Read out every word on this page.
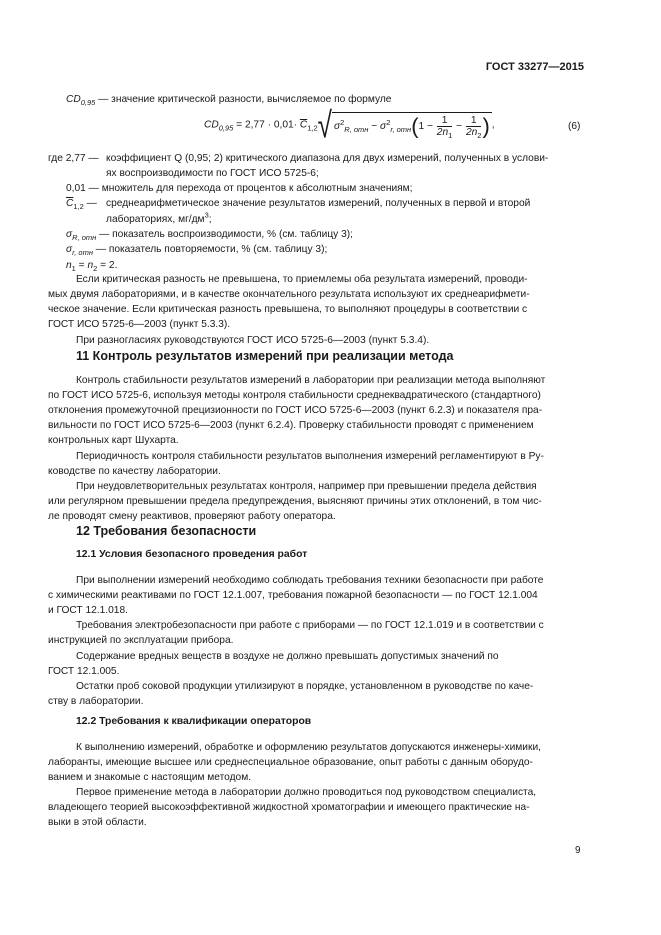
ГОСТ 33277—2015
$CD_{0,95}$ — значение критической разности, вычисляемое по формуле
$CD_{0,95} = 2,77 \cdot 0,01\cdot \overline{C}_{1,2}√$ $\sigma^2_{R, отн} - \sigma^2_{r, отн}(1 - \frac{1}{2n_1} - \frac{1}{2n_2}$ ) ,	(6)
где 2,77 — коэффициент Q (0,95; 2) критического диапазона для двух измерений, полученных в услови-
ях воспроизводимости по ГОСТ ИСО 5725-6;
0,01 — множитель для перехода от процентов к абсолютным значениям;
$\overline{C}_{1,2}$ — среднеарифметическое значение результатов измерений, полученных в первой и второй
лабораториях, $мг/дм^3$;
$\sigma_{R, отн}$ — показатель воспроизводимости, % (см. таблицу 3);
$\sigma_{r, отн}$ — показатель повторяемости, % (см. таблицу 3);
$n_1 = n_2 = 2$.
Если критическая разность не превышена, то приемлемы оба результата измерений, проводи-
мых двумя лабораториями, и в качестве окончательного результата используют их среднеарифмети-
ческое значение. Если критическая разность превышена, то выполняют процедуры в соответствии с
ГОСТ ИСО 5725-6—2003 (пункт 5.3.3).
При разногласиях руководствуются ГОСТ ИСО 5725-6—2003 (пункт 5.3.4).
11 Контроль результатов измерений при реализации метода
Контроль стабильности результатов измерений в лаборатории при реализации метода выполняют
по ГОСТ ИСО 5725-6, используя методы контроля стабильности среднеквадратического (стандартного)
отклонения промежуточной прецизионности по ГОСТ ИСО 5725-6—2003 (пункт 6.2.3) и показателя пра-
вильности по ГОСТ ИСО 5725-6—2003 (пункт 6.2.4). Проверку стабильности проводят с применением
контрольных карт Шухарта.
Периодичность контроля стабильности результатов выполнения измерений регламентируют в Ру-
ководстве по качеству лаборатории.
При неудовлетворительных результатах контроля, например при превышении предела действия
или регулярном превышении предела предупреждения, выясняют причины этих отклонений, в том чис-
ле проводят смену реактивов, проверяют работу оператора.
12 Требования безопасности
12.1 Условия безопасного проведения работ
При выполнении измерений необходимо соблюдать требования техники безопасности при работе
с химическими реактивами по ГОСТ 12.1.007, требования пожарной безопасности — по ГОСТ 12.1.004
и ГОСТ 12.1.018.
Требования электробезопасности при работе с приборами — по ГОСТ 12.1.019 и в соответствии с
инструкцией по эксплуатации прибора.
Содержание вредных веществ в воздухе не должно превышать допустимых значений по
ГОСТ 12.1.005.
Остатки проб соковой продукции утилизируют в порядке, установленном в руководстве по каче-
ству в лаборатории.
12.2 Требования к квалификации операторов
К выполнению измерений, обработке и оформлению результатов допускаются инженеры-химики,
лаборанты, имеющие высшее или среднеспециальное образование, опыт работы с данным оборудо-
ванием и знакомые с настоящим методом.
Первое применение метода в лаборатории должно проводиться под руководством специалиста,
владеющего теорией высокоэффективной жидкостной хроматографии и имеющего практические на-
выки в этой области.
9
